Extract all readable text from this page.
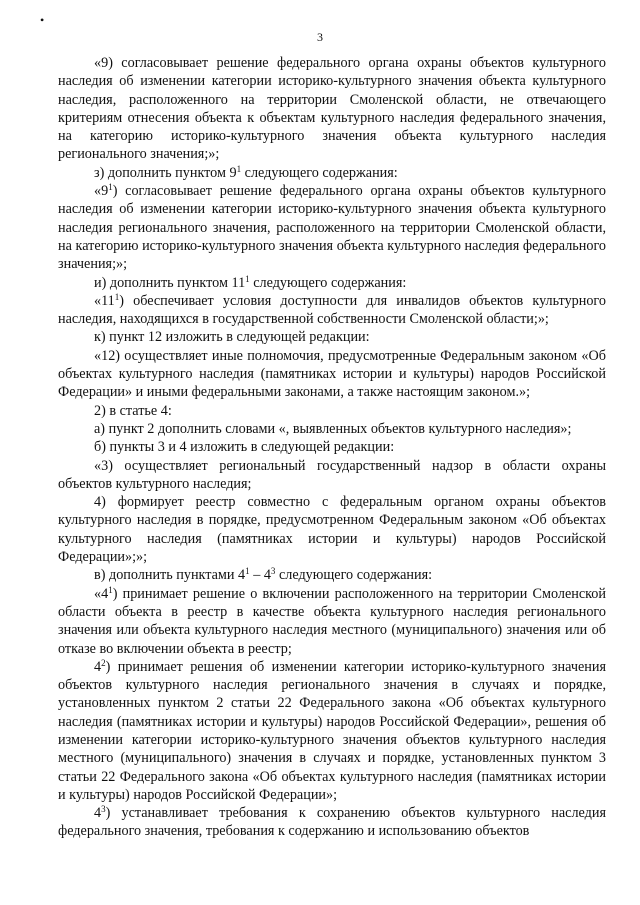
•
3

«9) согласовывает решение федерального органа охраны объектов культурного наследия об изменении категории историко-культурного значения объекта культурного наследия, расположенного на территории Смоленской области, не отвечающего критериям отнесения объекта к объектам культурного наследия федерального значения, на категорию историко-культурного значения объекта культурного наследия регионального значения;»;

з) дополнить пунктом $9^1$ следующего содержания:

«$9^1$) согласовывает решение федерального органа охраны объектов культурного наследия об изменении категории историко-культурного значения объекта культурного наследия регионального значения, расположенного на территории Смоленской области, на категорию историко-культурного значения объекта культурного наследия федерального значения;»;

и) дополнить пунктом $11^1$ следующего содержания:

«$11^1$) обеспечивает условия доступности для инвалидов объектов культурного наследия, находящихся в государственной собственности Смоленской области;»;

к) пункт 12 изложить в следующей редакции:

«12) осуществляет иные полномочия, предусмотренные Федеральным законом «Об объектах культурного наследия (памятниках истории и культуры) народов Российской Федерации» и иными федеральными законами, а также настоящим законом.»;

2) в статье 4:

а) пункт 2 дополнить словами «, выявленных объектов культурного наследия»;

б) пункты 3 и 4 изложить в следующей редакции:

«3) осуществляет региональный государственный надзор в области охраны объектов культурного наследия;

4) формирует реестр совместно с федеральным органом охраны объектов культурного наследия в порядке, предусмотренном Федеральным законом «Об объектах культурного наследия (памятниках истории и культуры) народов Российской Федерации»;»;

в) дополнить пунктами $4^1 - 4^3$ следующего содержания:

«$4^1$) принимает решение о включении расположенного на территории Смоленской области объекта в реестр в качестве объекта культурного наследия регионального значения или объекта культурного наследия местного (муниципального) значения или об отказе во включении объекта в реестр;

$4^2$) принимает решения об изменении категории историко-культурного значения объектов культурного наследия регионального значения в случаях и порядке, установленных пунктом 2 статьи 22 Федерального закона «Об объектах культурного наследия (памятниках истории и культуры) народов Российской Федерации», решения об изменении категории историко-культурного значения объектов культурного наследия местного (муниципального) значения в случаях и порядке, установленных пунктом 3 статьи 22 Федерального закона «Об объектах культурного наследия (памятниках истории и культуры) народов Российской Федерации»;

$4^3$) устанавливает требования к сохранению объектов культурного наследия федерального значения, требования к содержанию и использованию объектов
